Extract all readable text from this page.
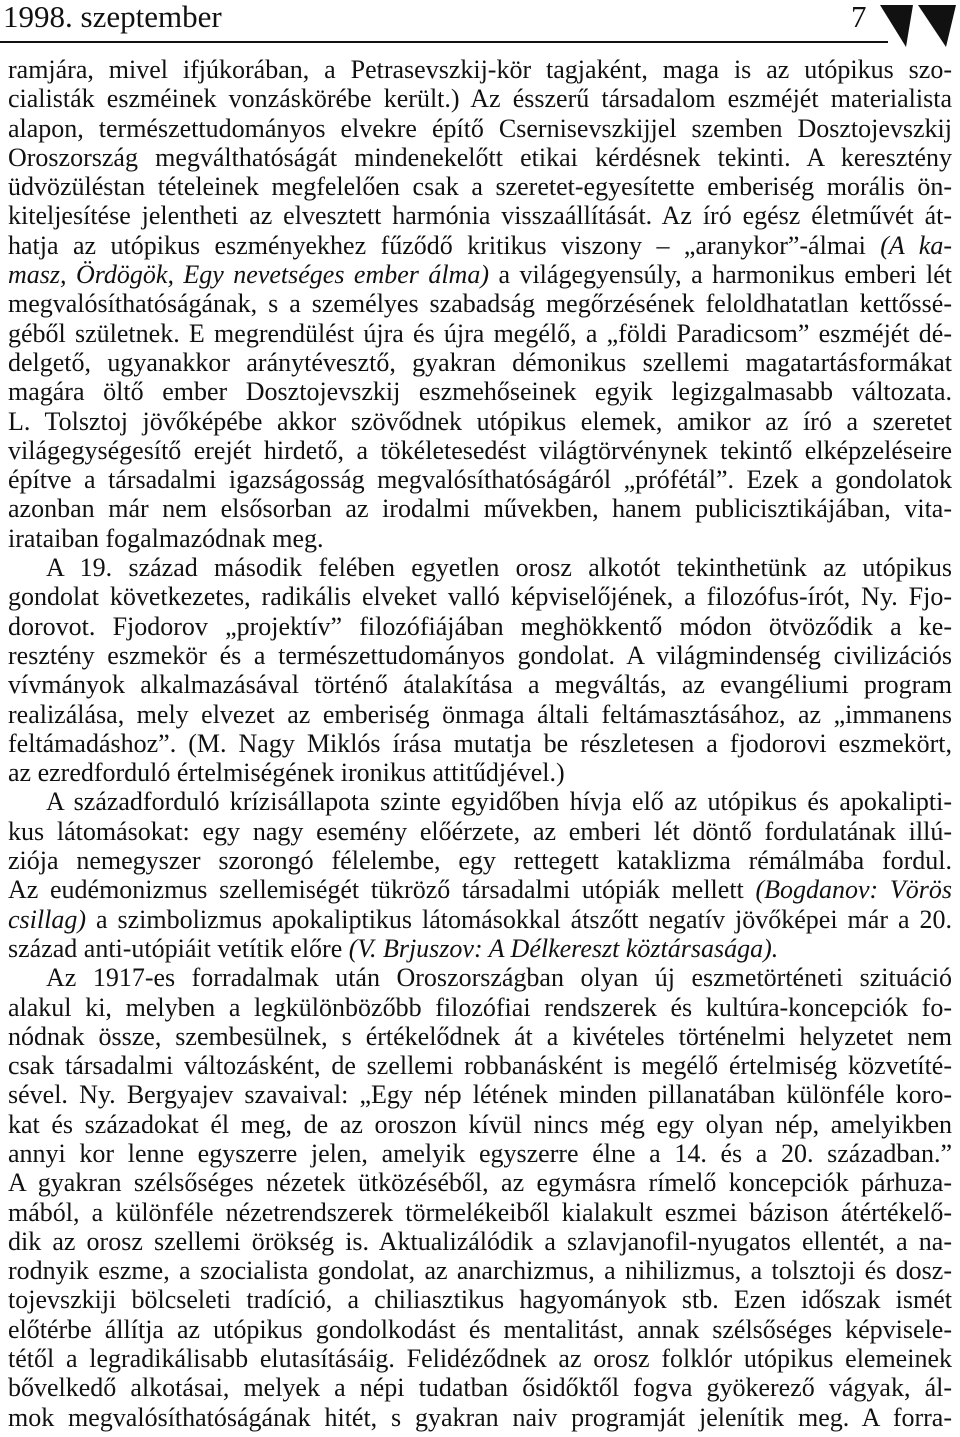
1998. szeptember	7
ramjára, mivel ifjúkorában, a Petrasevszkij-kör tagjaként, maga is az utópikus szo-
cialisták eszméinek vonzáskörébe került.) Az ésszerű társadalom eszméjét materialista
alapon, természettudományos elvekre építő Csernisevszkijjel szemben Dosztojevszkij
Oroszország megválthatóságát mindenekelőtt etikai kérdésnek tekinti. A keresztény
üdvözüléstan tételeinek megfelelően csak a szeretet-egyesítette emberiség morális ön-
kiteljesítése jelentheti az elvesztett harmónia visszaállítását. Az író egész életművét át-
hatja az utópikus eszményekhez fűződő kritikus viszony – „aranykor”-álmai (A ka-
masz, Ördögök, Egy nevetséges ember álma) a világegyensúly, a harmonikus emberi lét
megvalósíthatóságának, s a személyes szabadság megőrzésének feloldhatatlan kettőssé-
géből születnek. E megrendülést újra és újra megélő, a „földi Paradicsom” eszméjét dé-
delgető, ugyanakkor aránytévesztő, gyakran démonikus szellemi magatartásformákat
magára öltő ember Dosztojevszkij eszmehőseinek egyik legizgalmasabb változata.
L. Tolsztoj jövőképébe akkor szövődnek utópikus elemek, amikor az író a szeretet
világegységesítő erejét hirdető, a tökéletesedést világtörvénynek tekintő elképzeléseire
építve a társadalmi igazságosság megvalósíthatóságáról „prófétál”. Ezek a gondolatok
azonban már nem elsősorban az irodalmi művekben, hanem publicisztikájában, vita-
irataiban fogalmazódnak meg.
A 19. század második felében egyetlen orosz alkotót tekinthetünk az utópikus
gondolat következetes, radikális elveket valló képviselőjének, a filozófus-írót, Ny. Fjo-
dorovot. Fjodorov „projektív” filozófiájában meghökkentő módon ötvöződik a ke-
resztény eszmekör és a természettudományos gondolat. A világmindenség civilizációs
vívmányok alkalmazásával történő átalakítása a megváltás, az evangéliumi program
realizálása, mely elvezet az emberiség önmaga általi feltámasztásához, az „immanens
feltámadáshoz”. (M. Nagy Miklós írása mutatja be részletesen a fjodorovi eszmekört,
az ezredforduló értelmiségének ironikus attitűdjével.)
A századforduló krízisállapota szinte egyidőben hívja elő az utópikus és apokalipti-
kus látomásokat: egy nagy esemény előérzete, az emberi lét döntő fordulatának illú-
ziója nemegyszer szorongó félelembe, egy rettegett kataklizma rémálmába fordul.
Az eudémonizmus szellemiségét tükröző társadalmi utópiák mellett (Bogdanov: Vörös
csillag) a szimbolizmus apokaliptikus látomásokkal átszőtt negatív jövőképei már a 20.
század anti-utópiáit vetítik előre (V. Brjuszov: A Délkereszt köztársasága).
Az 1917-es forradalmak után Oroszországban olyan új eszmetörténeti szituáció
alakul ki, melyben a legkülönbözőbb filozófiai rendszerek és kultúra-koncepciók fo-
nódnak össze, szembesülnek, s értékelődnek át a kivételes történelmi helyzetet nem
csak társadalmi változásként, de szellemi robbanásként is megélő értelmiség közvetíté-
sével. Ny. Bergyajev szavaival: „Egy nép létének minden pillanatában különféle koro-
kat és századokat él meg, de az oroszon kívül nincs még egy olyan nép, amelyikben
annyi kor lenne egyszerre jelen, amelyik egyszerre élne a 14. és a 20. században.”
A gyakran szélsőséges nézetek ütközéséből, az egymásra rímelő koncepciók párhuza-
mából, a különféle nézetrendszerek törmelékeiből kialakult eszmei bázison átértékelő-
dik az orosz szellemi örökség is. Aktualizálódik a szlavjanofil-nyugatos ellentét, a na-
rodnyik eszme, a szocialista gondolat, az anarchizmus, a nihilizmus, a tolsztoji és dosz-
tojevszkiji bölcseleti tradíció, a chiliasztikus hagyományok stb. Ezen időszak ismét
előtérbe állítja az utópikus gondolkodást és mentalitást, annak szélsőséges képvisele-
tétől a legradikálisabb elutasításáig. Felidéződnek az orosz folklór utópikus elemeinek
bővelkedő alkotásai, melyek a népi tudatban ősidőktől fogva gyökerező vágyak, ál-
mok megvalósíthatóságának hitét, s gyakran naiv programját jelenítik meg. A forra-
